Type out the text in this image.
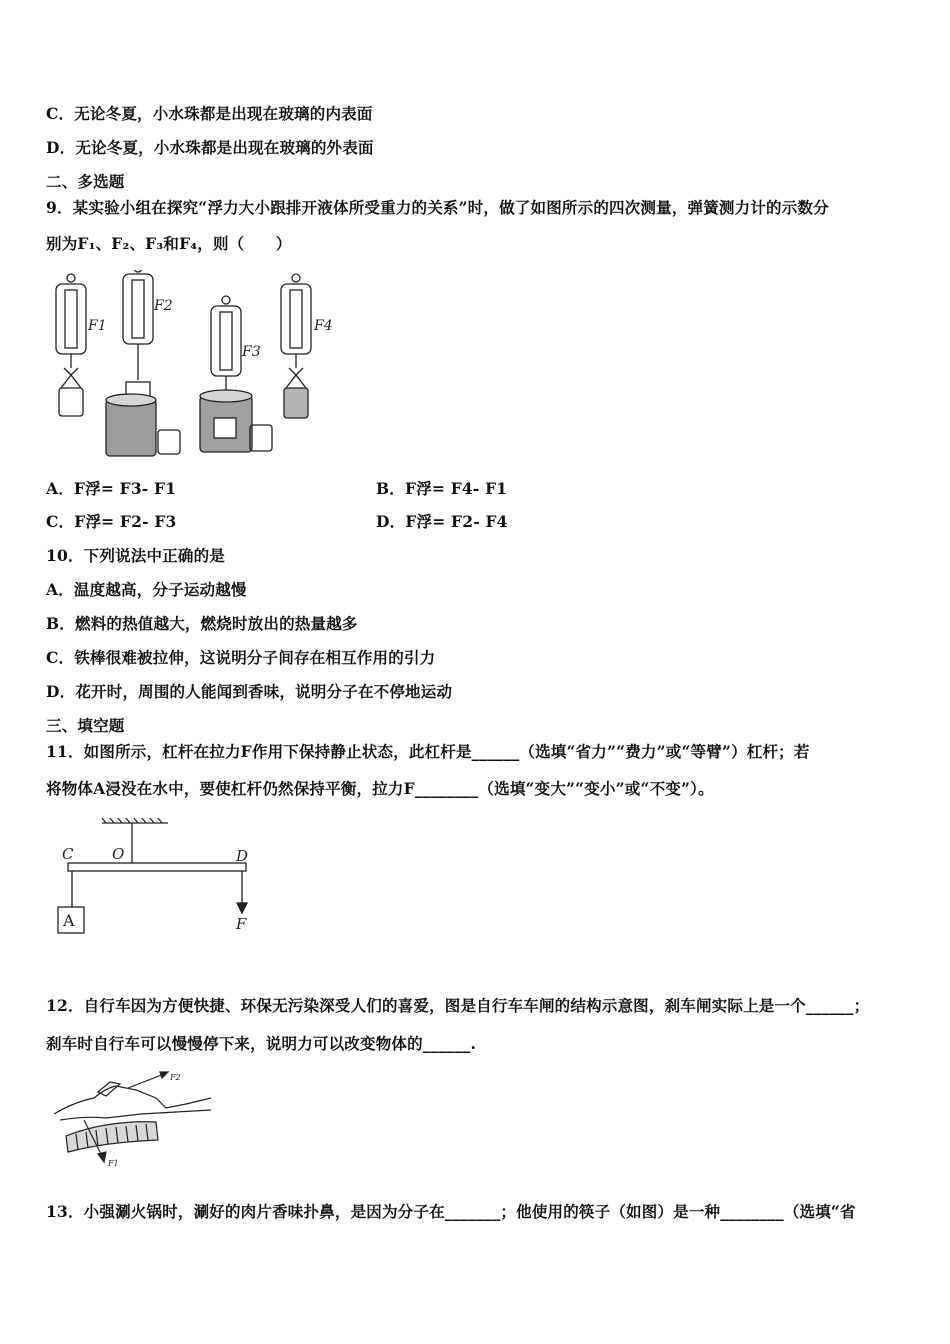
C．无论冬夏，小水珠都是出现在玻璃的内表面
D．无论冬夏，小水珠都是出现在玻璃的外表面
二、多选题
9．某实验小组在探究“浮力大小跟排开液体所受重力的关系”时，做了如图所示的四次测量，弹簧测力计的示数分
别为F₁、F₂、F₃和F₄，则（　　）
F1
F2
F3
F4
A．F浮= F3- F1	B．F浮= F4- F1
C．F浮= F2- F3	D．F浮= F2- F4
10．下列说法中正确的是
A．温度越高，分子运动越慢
B．燃料的热值越大，燃烧时放出的热量越多
C．铁棒很难被拉伸，这说明分子间存在相互作用的引力
D．花开时，周围的人能闻到香味，说明分子在不停地运动
三、填空题
11．如图所示，杠杆在拉力F作用下保持静止状态，此杠杆是______（选填“省力”“费力”或“等臂”）杠杆；若
将物体A浸没在水中，要使杠杆仍然保持平衡，拉力F________（选填“变大”“变小”或“不变”）。
C	O	D
F
A
12．自行车因为方便快捷、环保无污染深受人们的喜爱，图是自行车车闸的结构示意图，刹车闸实际上是一个______；
刹车时自行车可以慢慢停下来，说明力可以改变物体的______.
F2
F1
13．小强涮火锅时，涮好的肉片香味扑鼻，是因为分子在_______；他使用的筷子（如图）是一种________（选填“省
